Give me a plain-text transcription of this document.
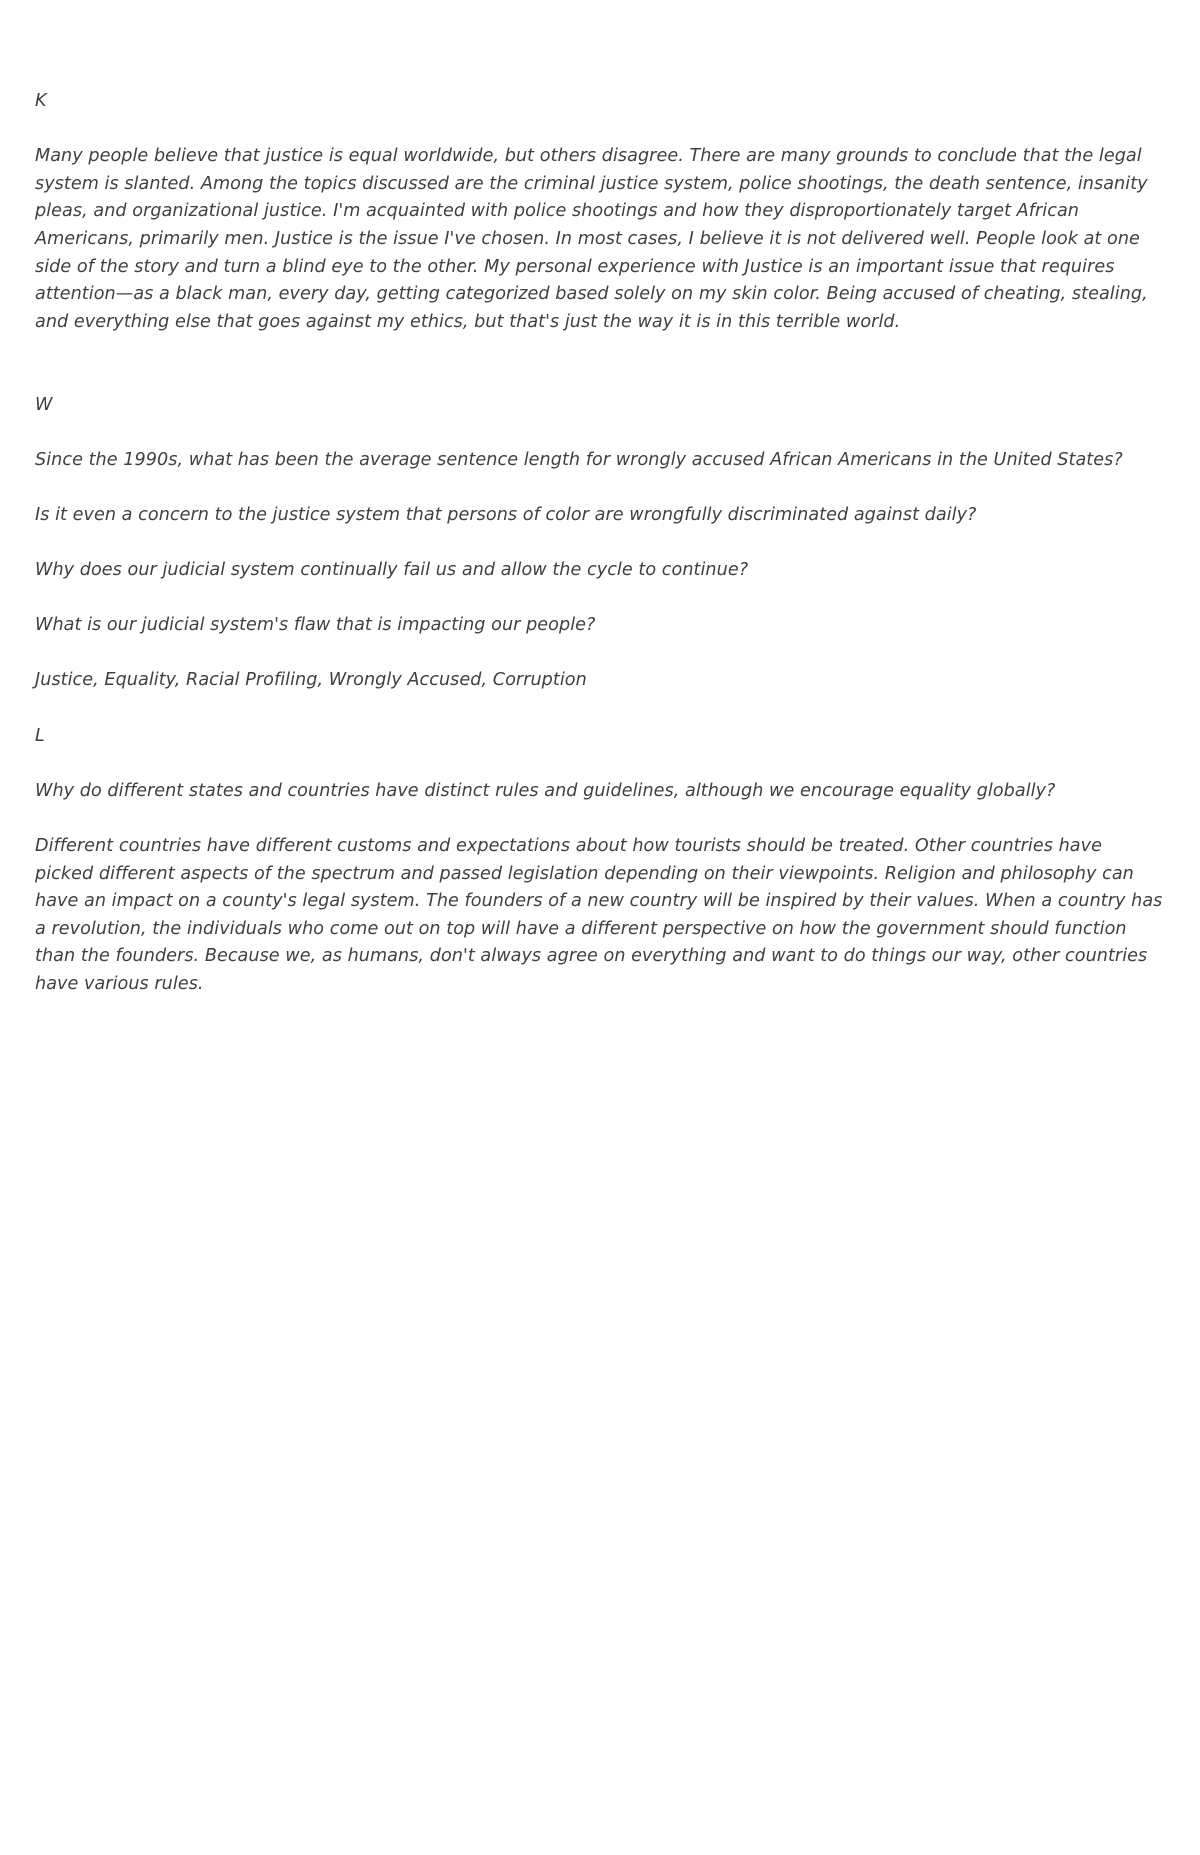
K

Many people believe that justice is equal worldwide, but others disagree. There are many grounds to conclude that the legal system is slanted. Among the topics discussed are the criminal justice system, police shootings, the death sentence, insanity pleas, and organizational justice. I'm acquainted with police shootings and how they disproportionately target African Americans, primarily men. Justice is the issue I've chosen. In most cases, I believe it is not delivered well. People look at one side of the story and turn a blind eye to the other. My personal experience with Justice is an important issue that requires attention—as a black man, every day, getting categorized based solely on my skin color. Being accused of cheating, stealing, and everything else that goes against my ethics, but that's just the way it is in this terrible world.

W

Since the 1990s, what has been the average sentence length for wrongly accused African Americans in the United States?

Is it even a concern to the justice system that persons of color are wrongfully discriminated against daily?

Why does our judicial system continually fail us and allow the cycle to continue?

What is our judicial system's flaw that is impacting our people?

Justice, Equality, Racial Profiling, Wrongly Accused, Corruption

L

Why do different states and countries have distinct rules and guidelines, although we encourage equality globally?

Different countries have different customs and expectations about how tourists should be treated. Other countries have picked different aspects of the spectrum and passed legislation depending on their viewpoints. Religion and philosophy can have an impact on a county's legal system. The founders of a new country will be inspired by their values. When a country has a revolution, the individuals who come out on top will have a different perspective on how the government should function than the founders. Because we, as humans, don't always agree on everything and want to do things our way, other countries have various rules.
